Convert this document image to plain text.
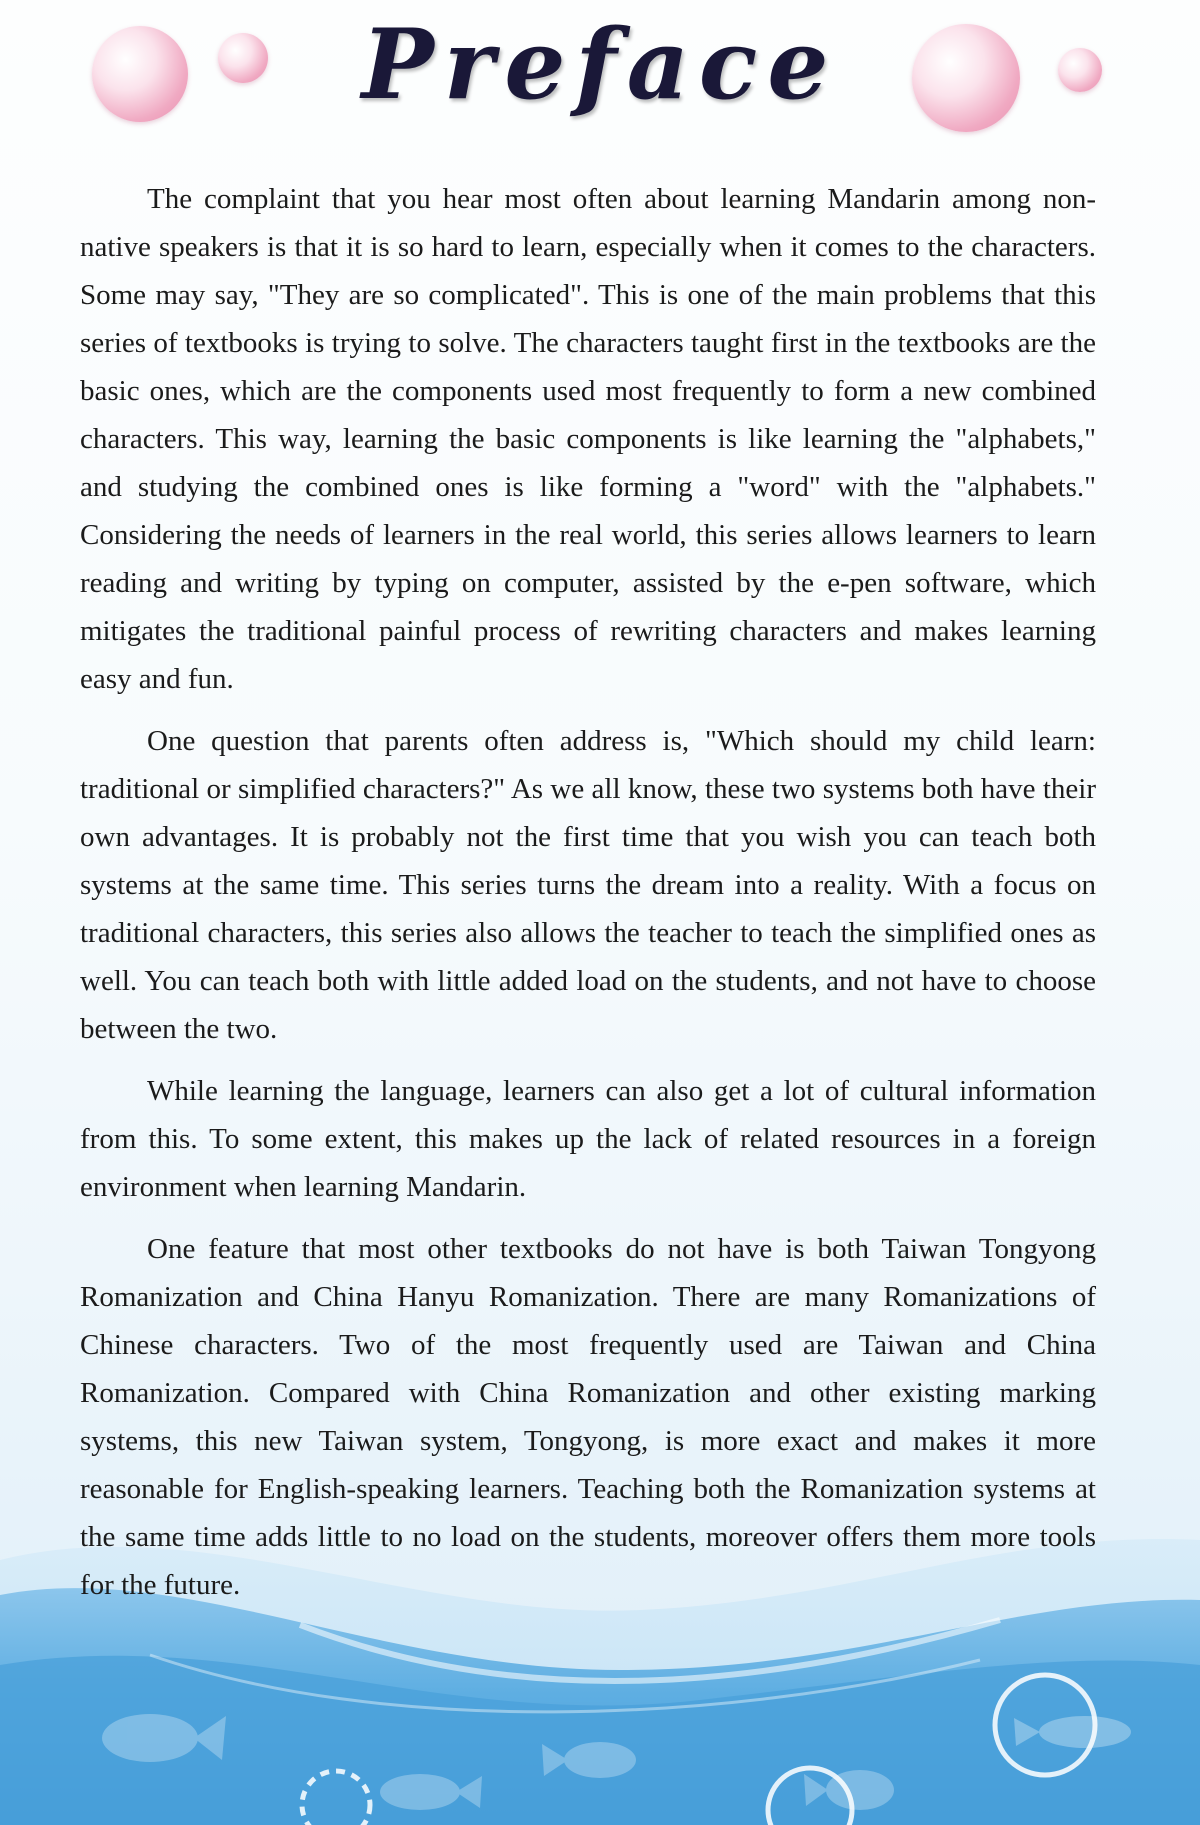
Preface

The complaint that you hear most often about learning Mandarin among non-native speakers is that it is so hard to learn, especially when it comes to the characters. Some may say, "They are so complicated". This is one of the main problems that this series of textbooks is trying to solve. The characters taught first in the textbooks are the basic ones, which are the components used most frequently to form a new combined characters. This way, learning the basic components is like learning the "alphabets," and studying the combined ones is like forming a "word" with the "alphabets." Considering the needs of learners in the real world, this series allows learners to learn reading and writing by typing on computer, assisted by the e-pen software, which mitigates the traditional painful process of rewriting characters and makes learning easy and fun.

One question that parents often address is, "Which should my child learn: traditional or simplified characters?" As we all know, these two systems both have their own advantages. It is probably not the first time that you wish you can teach both systems at the same time. This series turns the dream into a reality. With a focus on traditional characters, this series also allows the teacher to teach the simplified ones as well. You can teach both with little added load on the students, and not have to choose between the two.

While learning the language, learners can also get a lot of cultural information from this. To some extent, this makes up the lack of related resources in a foreign environment when learning Mandarin.

One feature that most other textbooks do not have is both Taiwan Tongyong Romanization and China Hanyu Romanization. There are many Romanizations of Chinese characters. Two of the most frequently used are Taiwan and China Romanization. Compared with China Romanization and other existing marking systems, this new Taiwan system, Tongyong, is more exact and makes it more reasonable for English-speaking learners. Teaching both the Romanization systems at the same time adds little to no load on the students, moreover offers them more tools for the future.
